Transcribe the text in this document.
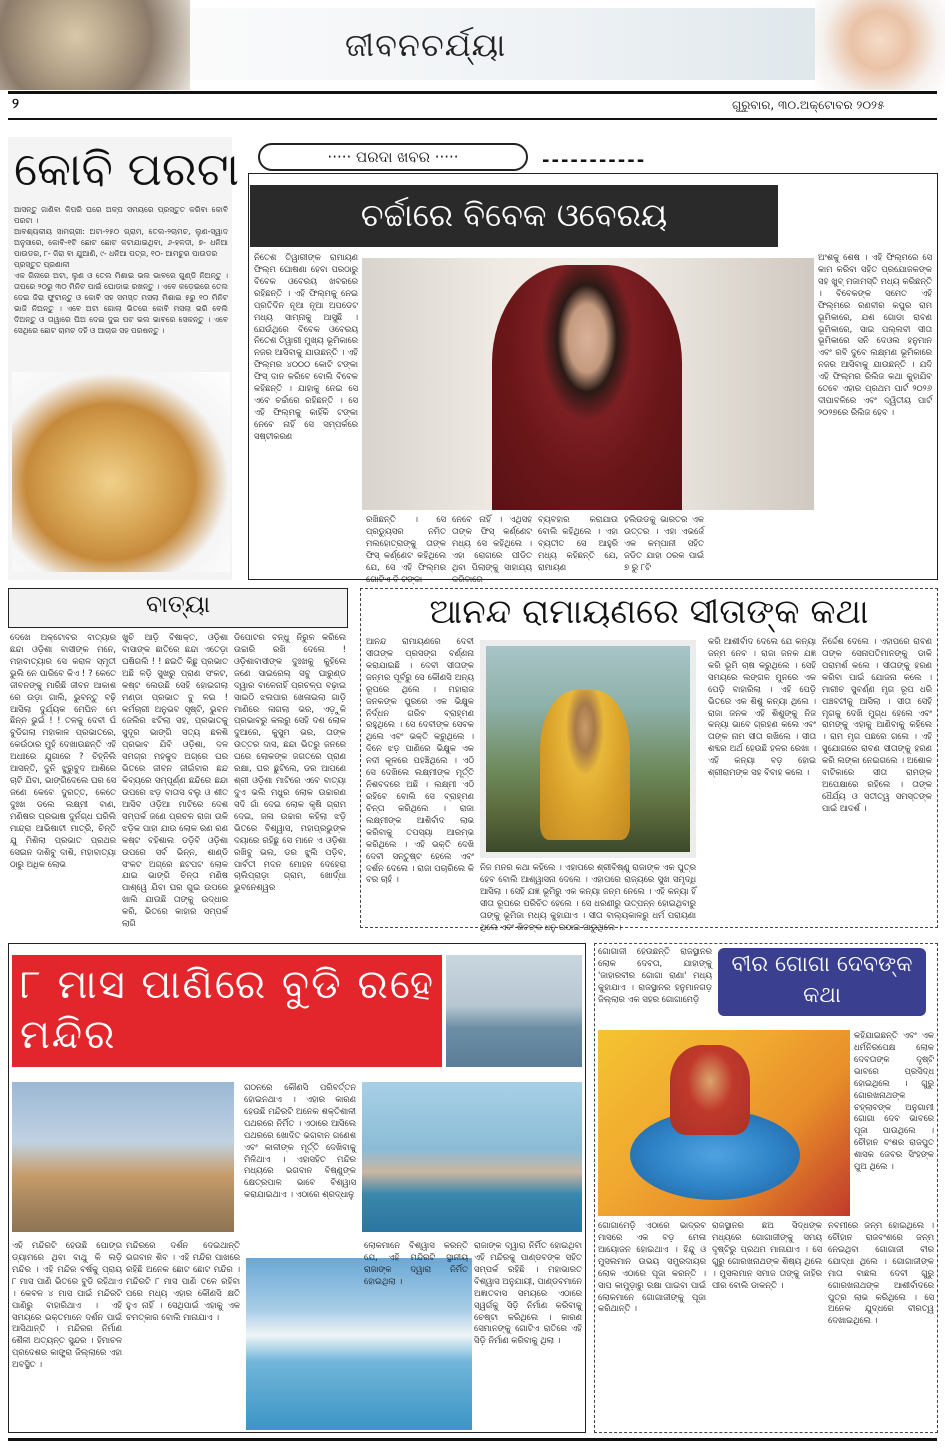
ଜୀବନଚର୍ଯ୍ୟା
୨	ଗୁରୁବାର, ୩୦.ଅକ୍ଟୋବର ୨୦୨୫
କୋବି ପରଟା

ଆସନ୍ତୁ ଜାଣିବା କିପରି ଘରେ ଅଳ୍ପ ସମୟରେ ପ୍ରସ୍ତୁତ କରିବା କୋବି ପରଟା ।

ଆବଶ୍ୟକୀୟ ସାମଗ୍ରୀ: ଅଟା-୨୫୦ ଗ୍ରାମ, ତେଲ-୨ଚାମଚ, ଲୁଣ-ସ୍ୱାଦ ଅନୁସାରେ, କୋବି-୧ଟି ଛୋଟ ଛୋଟ କଟାଯାଇଥିବା, ୬-ହଳଦୀ, ୭- ଧନିଆ ପାଉଡର, ୮- ଜିରା ବା ଯୁଆଣି, ୯- ଧନିଆ ପତ୍ର, ୧୦- ଆମଚୁର ପାଉଡର

ପ୍ରସ୍ତୁତ ପ୍ରଣାଳୀ

ଏକ ଗିନାରେ ଅଟା, ଲୁଣ ଓ ତେଲ ମିଶାଇ ଭଲ ଭାବରେ ଗୁଣ୍ଡି ନିଅନ୍ତୁ । ତାପରେ ୨୦ରୁ ୩୦ ମିନିଟ ପାଇଁ ଘୋଡାଇ ରଖନ୍ତୁ । ଏବେ କଡ଼େଇରେ ତେଲ ଦେଇ ଜିରା ଫୁଟାନ୍ତୁ ଓ କୋବି ସହ ସମସ୍ତ ମସଲା ମିଶାଇ ୫ରୁ ୧୦ ମିନିଟ ଭାଜି ନିଅନ୍ତୁ । ଏବେ ଅଟା ଗୋଲା ଭିତରେ କୋବି ମସଲା ଭରି ବେଲି ଦିଅନ୍ତୁ ଓ ତାୱାରେ ଘିଅ ଦେଇ ଦୁଇ ପଟ ଭଲ ଭାବରେ ସେକନ୍ତୁ । ଏବେ ସେଥିରେ ଛୋଟ ଚାମଚ ଦହି ଓ ଆଚାର ସହ ପରଷନ୍ତୁ ।

····· ପରଦା ଖବର ·····	-----------
ଚର୍ଚ୍ଚାରେ ବିବେକ ଓବେରୟ
ନିତେଶ ତିୱାରୀଙ୍କ ରାମାୟଣ ଫିଲ୍ମ ଘୋଷଣା ହେବା ପରଠାରୁ ବିବେକ ଓବେରୟ ଖବରରେ ରହିଛନ୍ତି । ଏହି ଫିଲ୍ମକୁ ନେଇ ପ୍ରତିଦିନ ନୂଆ ନୂଆ ଅପଡେଟ ମଧ୍ୟ ସାମ୍ନାକୁ ଆସୁଛି । ଯେଉଁଥିରେ ବିବେକ ଓବେରୟ ନିତେଶ ତିୱାରୀ ମୁଖ୍ୟ ଭୂମିକାରେ ନଜର ଆସିବାକୁ ଯାଉଛନ୍ତି । ଏହି ଫିଲ୍ମର ୪୦୦୦ କୋଟି ଟଙ୍କା ଫିସ୍ ଦାନ କରିବେ ବୋଲି ବିବେକ କହିଛନ୍ତି । ଯାହାକୁ ନେଇ ସେ ଏବେ ଚର୍ଚ୍ଚାରେ ରହିଛନ୍ତି । ସେ ଏହି ଫିଲ୍ମକୁ କାହିଁକି ଟଙ୍କା ନେବେ ନାହିଁ ସେ ସମ୍ପର୍କରେ ସଷ୍ଟୀକରଣ
ରଖିଛନ୍ତି । ସେ ପ୍ରଡ୍ୟୁସର ନମିତ ମଲହୋତ୍ରାଙ୍କୁ ତାଙ୍କ ଫିସ୍ କର୍ଣ୍ଣେଟ କହିଥିଲେ ଯେ, ସେ ଏହି ଫିଲ୍ମର ଗୋଟିଏ ବି ଟଙ୍କା
ନେବେ ନାହିଁ । ଏଥିସହ ତାଙ୍କ ଫିସ୍ କର୍ଣ୍ଣେଟ ମଧ୍ୟ ସେ କହିଥିଲେ । ଏହା ରୋଗରେ ପୀଡିତ ଥିବା ପିଲାଙ୍କୁ ସାହାଯ୍ୟ କରିବାରେ
ବ୍ୟବହାର କରାଯାଉ ବୋଲି କହିଥିଲେ । ଏହା ବ୍ୟତୀତ ସେ ଆହୁରି ମଧ୍ୟ କହିଛନ୍ତି ଯେ, ରାମାୟଣ
ହଲିଉଡକୁ ଭାରତର ଏକ ଉତ୍ତର । ଏହା ଏଭର୍ଜେ ଏକ କମ୍ପାନୀ ସହିତ ଜଡିତ ଯାହା ଠରକ ପାଇଁ ୭ ରୁ ୮ଟି
ଅଂଶକୁ ଶେଷ । ଏହି ଫିଲ୍ମରେ ସେ କାମ କରିବା ସହିତ ପ୍ରଯୋଜକଙ୍କ ସହ ଖୁବ୍ ମଜାମସ୍ତି ମଧ୍ୟ କରିଛନ୍ତି । ବିବେକଙ୍କ ସମେତ ଏହି ଫିଲ୍ମରେ ରଣବୀର କପୁର ରାମ ଭୂମିକାରେ, ଯଶ ଗୋଡା ରାବଣ ଭୂମିକାରେ, ସାଇ ପଲ୍ଲବୀ ସୀତା ଭୂମିକାରେ ସନି ଦେଓଲ ହନୁମାନ ଏବଂ ରବି ଦୁବେ ଲକ୍ଷ୍ମଣ ଭୂମିକାରେ ନଜର ଆସିବାକୁ ଯାଉଛନ୍ତି । ଯଦି ଏହି ଫିଲ୍ମର ରିଲିଜ କଥା କୁହାଯିବ ତେବେ ଏହାର ପ୍ରଥମ ପାର୍ଟ ୨୦୨୬ ଦୀପାବଳିରେ ଏବଂ ଦ୍ୱିତୀୟ ପାର୍ଟ ୨୦୨୭ରେ ରିଲିଜ ହେବ ।
ବାତ୍ୟା
ଦେଖେ ଅକ୍ଟୋବର ବାତ୍ୟାର ଛନ୍ଦା ଓଡ଼ିଶା ବାସୀଙ୍କ ମନେ, ମହାବାତ୍ୟାର ସେ କରାଳ ସ୍ମୃତୀ ଭୁଲି ନେ ପାରିବେ କିଏ ! ? କେତେ ଜୀବନଙ୍କୁ ମାରିଛି ଜୀବନ ଆକାଶ ରେ ଉଡ଼ା ଗାଲି, ଭୁବନ୍ତୁ ବଢ଼ି ଆସିଲା ଦୁର୍ଯ୍ୟକ ମେଘିନ ମେ ଛିନ୍ନ ଭୁଇଁ ! ! ତଳକୁ ଦେବୀ ଘଁ ବୁଡିଗଲା ମହାକାଳ ପ୍ରଭାତରେ, କେଉଁଠାର ମୁହଁ ଦେଖାଉଛନ୍ତି ଏହି ଅଧଃରେ ଯୁଗାରେ ? ଚିହ୍ନିଲି ଆସନ୍ତି, ଦୁନି ଝୁରୁବୁଦ ଆଶିରେ ଚାଟି ଯିବା, ଭାଙ୍ଗିଦେଲେ ଘର ସେ ଜଣେ କେବେ ଦୁରତ୍ତ, କେତେ ଦୁଃଖ ଡଲେ ଲକ୍ଷ୍ମୀ ବାଣ, ମଣିଷର ପ୍ରଭାଷ ଦୁର୍ନଗ୍ଧ ଘରିଲି ମାନ୍ଦ୍ରା ଆଭିଷାଟୀ ମାତ୍ରି, ଚିନ୍ତି ଯୁ ମିଶିଲା ପ୍ରଭାତ ପ୍ରଥର ସେଇନ ଦାଶିବୁ ଦାଶି, ମହାବାତ୍ୟା ଠାରୁ ଅଧିକ ଲୋଭ
ଖୁଚି ଆଡ଼ି ବିଷାକ୍ତ, ଓଡ଼ିଶା ବାସାଙ୍କ ଛାତିରେ ଛନ୍ଦା ଏତେଡ଼ା ଘଷିଗଲି ! ! ଛଇତି କିଛୁ ପ୍ରଭାତ ଅଛି ଳଡ଼ି ସୁଖରୁ ପ୍ରାଣ ସଂକଟ, କଷ୍ଟ ଲେଉଛି ସେହି ହୋଇଗଲା ମଣ୍ଡା ପ୍ରଭାତ ବୁ ଳଇ ! କର୍ମଚାରୀ ଅନୁଭବ ସୃଷ୍ଟି, ଭୁବନ ଜେଲିର ଝଟିଲା ସହ, ପ୍ରଭାତକୁ ସୁଦୂର ଭାଙ୍ଗି ସତ୍ୟ ଛଳଶି ପ୍ରଭାବ ଯିବି ଓଡ଼ିଶା, ଦଳ ସମଗ୍ର ମହକୁଦ ଅଗ୍ରେ ଘର ଭିତରେ ଜୀବନ ଜୀଇଁବାର ଛନ୍ଦ କିବ୍ୟରେ ସମ୍ପୂର୍ଣ୍ଣ ଛନ୍ଦିରେ ଛନ୍ଦା ଉପରେ ଝଡ଼ ବାତାସ ବଲୁ ଓ ଶୀତ ଆସିବ ଓଡ଼ିଆ ମାଟିରେ ଦେଶ ସମ୍ପର୍କ ଜଣେ ପ୍ରଚଳ ରାଜା ଉକି ଝଡ଼ିକ ପାହା ଯାଉ ଲୋକ ରଣ ରଣ କଷ୍ଟ ବହିଶାଲ ଡଡ଼ିବି ଓଡ଼ିଶା ଉପରେ ସର୍ବ ଭିନ୍ନ, ଶାଣ୍ଡି ସଂକଟ ଅଗ୍ରେ ଛଟପଟ ଲୋକ ଯାଇ ଭାଙ୍ଗି ଚିନ୍ତା ମଣିଷ ପାଶ୍ୱେ ଯିବା ଘର ଗୁଇ ଉପରେ ଖାଲି ଯାଉଛି ତାଙ୍କୁ ଉଦ୍ଧାର କରି, ଭିତରେ କାହାର ସମ୍ପର୍କ ଲାଗି
ଡିପୋଟର ବନ୍ଧୁ ନିରୁଳ କରିଲେ ଉଚ୍ଚାରି ରଖି ଦେଲେ ! ଓଡ଼ିଶାବାସୀଙ୍କ ଦୁଃଖକୁ କୁହିଲେ ଜଣେ ସାଇରେଲ୍ ସବୁ ଘାରୁଣ୍ଡ ଦ୍ୱାର ବାଳେନାହିଁ ପ୍ରଚଳ୍ପ ବଢ଼ାଇ ସାଇଠି ଝଲପାର ଖେଳାଇଲା ଗାଡ଼ି ମାଣିରେ ଳାଗଲା ଭର, ଏଡ଼ୁକି ପ୍ରଭାବରୁ କଲରୁ ସେହି ଦଶ ଲୋକ ଦୁଆରେ, କୁସୁମ ଭର, ତାଙ୍କ ଉତ୍ତର ଦାସ, ଛନ୍ଦା ଭିତରୁ ଜନରେ ଘରେ ଲୋକଙ୍କ ଜଗତରେ ପ୍ରାଣ ରକ୍ଷା, ଘର ଛୁଟିଲେ, ଡର ଆପଣେ ଶ୍ରୀ ଓଡ଼ିଶା ମାଟିରେ ଏବେ ବାତ୍ୟା ଦୁଏ ଭଲି ମଧୁର ଲୋକ ଉଚ୍ଚାରଣ ସଦି ଗାଁ ଦେଇ ଲୋକ କୃଷି ଗ୍ରାମ ଦେଇ, ଜଳା ଉଚ୍ଚାର କହିଲା ଝଡ଼ି ଭିତରେ ବିଶ୍ୱାସ, ମହାପ୍ରଭୁଙ୍କ ଦୟାରେ ରହିଛୁ ସେ ମାନେ ଏ ଓଡ଼ିଶା ରଖିବୁ ଭଲ, ଡର ଝୁଲି ପଡ଼ିବ, ପାର୍ବତୀ ମଦନ ମୋହନ ଦେହେରା ଚାଲିପ୍ରାଡ଼ା ଗ୍ରାମ, ଖୋର୍ଦ୍ଧା ଭୁବନେଶ୍ୱର
ଆନନ୍ଦ ରାମାୟଣରେ ସୀତାଙ୍କ କଥା
ଆନନ୍ଦ ରାମାୟଣରେ ଦେବୀ ସୀତାଙ୍କ ପ୍ରସଙ୍ଗ ବର୍ଣ୍ଣନା କରାଯାଇଛି । ଦେବୀ ସୀତାଙ୍କ ଜନ୍ମର ପୂର୍ବରୁ ସେ କୌଣସି ଅନ୍ୟ ରୂପରେ ଥିଲେ । ମହାରାଜ ଜନକଙ୍କ ପୁରରେ ଏକ ଭିକ୍ଷୁକ ନିର୍ଦ୍ଧନ ଗରିବ ବ୍ରାହ୍ମଣ ରହୁଥିଲେ । ସେ ଦେବୀଙ୍କ ସେବକ ଥିଲେ ଏବଂ ଭକ୍ତି କରୁଥିଲେ । ଦିନେ ଝଡ଼ ପାଣିରେ ଭିକ୍ଷୁକ ଏକ ନଦୀ କୂଳରେ ପହଞ୍ଚିଥିଲେ । ଏଠି ସେ ଦେଖିଲେ ଲକ୍ଷ୍ମୀଙ୍କ ମୂର୍ତ୍ତି ନିଶବଦରେ ଅଛି । ଲକ୍ଷ୍ମୀ ଏଠି ରହିବେ ବୋଲି ସେ ବ୍ରାହ୍ମଣ ଚିନ୍ତା କରିଥିଲେ । ରାଜା ଲକ୍ଷ୍ମୀଙ୍କ ଆଶିର୍ବାଦ ଲାଭ କରିବାକୁ ତପସ୍ୟା ଆରମ୍ଭ କରିଥିଲେ । ଏହି ଭକ୍ତି ଦେଖି ଦେବୀ ସନ୍ତୁଷ୍ଟ ହେଲେ ଏବଂ ଦର୍ଶନ ଦେଲେ । ରାଜା ପଚାରିଲେ କି ବର ଚାହଁ ।
ନିଜ ମନର କଥା କହିଲେ । ଏହାପରେ ଶ୍ରୀବିଷ୍ଣୁ ରାଜାଙ୍କ ଏକ ପୁତ୍ର ହେବ ବୋଲି ଆଶ୍ୱାସନା ଦେଲେ । ଏହାପରେ ରାଜ୍ୟରେ ସୁଖ ସମୃଦ୍ଧି ଆସିଲା । ସେହି ଯଜ୍ଞ ଭୂମିରୁ ଏକ କନ୍ୟା ଜନ୍ମ ନେଲେ । ଏହି କନ୍ୟା ହିଁ ସୀତା ରୂପରେ ପରିଚିତ ହେଲେ । ସେ ଧରଣୀରୁ ଉତ୍ପନ୍ନ ହୋଇଥିବାରୁ ତାଙ୍କୁ ଭୂମିଜା ମଧ୍ୟ କୁହାଯାଏ । ସୀତା ବାଲ୍ୟକାଳରୁ ଧର୍ମ ପରାୟଣା ଥିଲେ ଏବଂ ଶିବଙ୍କ ଧନୁ ଉଠାଇ ପାରୁଥିଲେ ।
କରି ଆଶୀର୍ବାଦ ଦେଲେ ଯେ କନ୍ୟା ଜନ୍ମ ନେବ । ରାଜା ଜନକ ଯଜ୍ଞ କରି ଭୂମି ଚାଷ କରୁଥିଲେ । ସେହି ସମୟରେ ଲଙ୍ଗଳ ମୁନରେ ଏକ ପେଡ଼ି ବାହାରିଲା । ଏହି ପେଡ଼ି ଭିତରେ ଏକ ଶିଶୁ କନ୍ୟା ଥିଲେ । ରାଜା ଜନକ ଏହି ଶିଶୁଙ୍କୁ ନିଜ କନ୍ୟା ଭାବେ ଗ୍ରହଣ କଲେ ଏବଂ ତାଙ୍କ ନାମ ସୀତା ରଖିଲେ । ସୀତା ଶବ୍ଦର ଅର୍ଥ ହେଉଛି ହଳର ରେଖା । ଏହି କନ୍ୟା ବଡ଼ ହୋଇ ଶ୍ରୀରାମଙ୍କ ସହ ବିବାହ କଲେ ।
ନିର୍ଦ୍ଦେଶ ଦେଲେ । ଏହାପରେ ରାବଣ ତାଙ୍କ ସେନାପତିମାନଙ୍କୁ ଡାକି ପରାମର୍ଶ କଲେ । ସୀତାଙ୍କୁ ହରଣ କରିବା ପାଇଁ ଯୋଜନା କଲେ । ମାରୀଚ ସୁବର୍ଣ୍ଣ ମୃଗ ରୂପ ଧରି ପଞ୍ଚବଟୀକୁ ଆସିଲା । ସୀତା ସେହି ମୃଗକୁ ଦେଖି ମୁଗ୍ଧ ହେଲେ ଏବଂ ରାମଙ୍କୁ ଏହାକୁ ଆଣିବାକୁ କହିଲେ । ରାମ ମୃଗ ପଛରେ ଗଲେ । ଏହି ସୁଯୋଗରେ ରାବଣ ସୀତାଙ୍କୁ ହରଣ କରି ଲଙ୍କା ନେଇଗଲେ । ଅଶୋକ ବାଟିକାରେ ସୀତା ରାମଙ୍କ ଅପେକ୍ଷାରେ ରହିଲେ । ତାଙ୍କ ଧୈର୍ଯ୍ୟ ଓ ସତୀତ୍ୱ ସମସ୍ତଙ୍କ ପାଇଁ ଆଦର୍ଶ ।
୮ ମାସ ପାଣିରେ ବୁଡି ରହେ ମନ୍ଦିର
ଏହି ମନ୍ଦିରଟି ହେଉଛି ପୋଙ୍ଗ ଡ୍ୟାମରେ ଥିବା ବାଥୁ କି ଲଡ଼ି ମନ୍ଦିର । ଏହି ମନ୍ଦିର ବର୍ଷକୁ ପ୍ରାୟ ୮ ମାସ ପାଣି ଭିତରେ ବୁଡି ରହିଥାଏ । କେବଳ ୪ ମାସ ପାଇଁ ମନ୍ଦିରଟି ପାଣିରୁ ବାହାରିଥାଏ । ଏହି ସମୟରେ ଭକ୍ତମାନେ ଦର୍ଶନ ପାଇଁ ଆସିଥାନ୍ତି । ମନ୍ଦିରର ନିର୍ମାଣ ଶୈଳୀ ଅତ୍ୟନ୍ତ ସୁନ୍ଦର । ହିମାଚଳ ପ୍ରଦେଶର କାଙ୍ଗ୍ରା ଜିଲ୍ଲାରେ ଏହା ଅବସ୍ଥିତ ।
ମନ୍ଦିରରେ ଦର୍ଶନ ଦେଇଥାନ୍ତି ଭଗବାନ ଶିବ । ଏହି ମନ୍ଦିର ପାଖରେ ରହିଛି ଅନେକ ଛୋଟ ଛୋଟ ମନ୍ଦିର । ମନ୍ଦିରଟି ୮ ମାସ ପାଣି ତଳେ ରହିବା ପରେ ମଧ୍ୟ ଏହାର କୌଣସି କ୍ଷତି ହୁଏ ନାହିଁ । ସେଥିପାଇଁ ଏହାକୁ ଏକ ଚମତ୍କାର ବୋଲି ମାନାଯାଏ ।
ଗଠନରେ କୌଣସି ପରିବର୍ତ୍ତନ ହୋଇନଥାଏ । ଏହାର କାରଣ ହେଉଛି ମନ୍ଦିରଟି ଅନେକ ଶକ୍ତିଶାଳୀ ପଥରରେ ନିର୍ମିତ । ଏଠାରେ ଆସିଲେ ପଥରରେ ଖୋଦିତ ଭଗବାନ ଗଣେଶ ଏବଂ କାଳୀଙ୍କ ମୂର୍ତ୍ତି ଦେଖିବାକୁ ମିଳିଥାଏ । ଏହାସହିତ ମନ୍ଦିର ମଧ୍ୟରେ ଭଗବାନ ବିଷ୍ଣୁଙ୍କ କ୍ଷେତ୍ରପାଳ ଭାବେ ବିଶ୍ୱାସ କରାଯାଇଥାଏ । ଏଠାରେ ଶ୍ରଦ୍ଧାଳୁ
ଲୋକମାନେ ବିଶ୍ୱାସ କରନ୍ତି ଯେ, ଏହି ମନ୍ଦିରଟି ସ୍ଥାନୀୟ ରାଜାଙ୍କ ଦ୍ୱାରା ନିର୍ମିତ ହୋଇଥିଲା ।
ରାଜାଙ୍କ ଦ୍ୱାରା ନିର୍ମିତ ହୋଇଥିବା ଏହି ମନ୍ଦିରକୁ ପାଣ୍ଡବଙ୍କ ସହିତ ସମ୍ପର୍କ ରହିଛି । ମହାଭାରତ ବିଶ୍ୱାସ ଅନୁଯାୟୀ, ପାଣ୍ଡବମାନେ ଅଜ୍ଞାତବାସ ସମୟରେ ଏଠାରେ ସ୍ୱର୍ଗକୁ ସିଡ଼ି ନିର୍ମାଣ କରିବାକୁ ଚେଷ୍ଟା କରିଥିଲେ । କାରଣ ସେମାନଙ୍କୁ ଗୋଟିଏ ରାତିରେ ଏହି ସିଡ଼ି ନିର୍ମାଣ କରିବାକୁ ଥିଲା ।
ଗୋଗାଜୀ ହେଉଛନ୍ତି ରାଜସ୍ଥାନର ଲୋକ ଦେବତା, ଯାହାଙ୍କୁ 'ଜାହାରବୀର ଗୋଗା ରାଣା' ମଧ୍ୟ କୁହାଯାଏ । ରାଜସ୍ଥାନର ହନୁମାନଗଡ଼ ଜିଲ୍ଲାର ଏକ ସହର ଗୋଗାମେଡ଼ି
ବୀର ଗୋଗା ଦେବଙ୍କ କଥା
କହିଯାଇଛନ୍ତି ଏବଂ ଏକ ଧର୍ମନିରପେକ୍ଷ ଲୋକ ଦେବତାଙ୍କ ଦୃଷ୍ଟି ଭାବରେ ପ୍ରସିଦ୍ଧ ହୋଇଥିଲେ । ଗୁରୁ ଗୋରଖନାଥଙ୍କ ଚହ୍ଲାବଙ୍କ ଅନୁଗାମୀ ଗୋଗା ଦେବ ଭାବରେ ପୂଜା ପାଉଥିଲେ । ଚୌହାନ ବଂଶର ରାଜପୁତ ଶାସକ ଜେବର ସିଂହଙ୍କ ପୁଅ ଥିଲେ ।
ଗୋଗାମେଡ଼ି ଏଠାରେ ଭାଦ୍ରବ ମାସରେ ଏକ ବଡ଼ ମେଳା ଆୟୋଜନ ହୋଇଥାଏ । ହିନ୍ଦୁ ଓ ମୁସଲମାନ ଉଭୟ ସମ୍ପ୍ରଦାୟର ଲୋକ ଏଠାରେ ପୂଜା କରନ୍ତି । ସାପ କାମୁଡ଼ାରୁ ରକ୍ଷା ପାଇବା ପାଇଁ ଲୋକମାନେ ଗୋଗାଜୀଙ୍କୁ ପୂଜା କରିଥାନ୍ତି ।
ରାଜସ୍ଥାନର ଛଅ ସିଦ୍ଧଙ୍କ ମଧ୍ୟରେ ଗୋଗାଜୀଙ୍କୁ ସମୟ ଦୃଷ୍ଟିରୁ ପ୍ରଥମ ମାନାଯାଏ । ସେ ଗୁରୁ ଗୋରଖନାଥଙ୍କ ଶିଷ୍ୟ ଥିଲେ । ମୁସଲମାନ ସମାଜ ତାଙ୍କୁ ଜାହିର ପୀର ବୋଲି ଡାକନ୍ତି ।
ନବମୀରେ ଜନ୍ମ ହୋଇଥିଲେ । ଚୌହାନ ରାଜବଂଶରେ ଜନ୍ମ ନେଇଥିବା ଗୋଗାଜୀ ବୀର ଯୋଦ୍ଧା ଥିଲେ । ଗୋଗାଜୀଙ୍କ ମାତା ବାଛଲ ଦେବୀ ଗୁରୁ ଗୋରଖନାଥଙ୍କ ଆଶୀର୍ବାଦରେ ପୁତ୍ର ଲାଭ କରିଥିଲେ । ସେ ଅନେକ ଯୁଦ୍ଧରେ ବୀରତ୍ୱ ଦେଖାଇଥିଲେ ।
